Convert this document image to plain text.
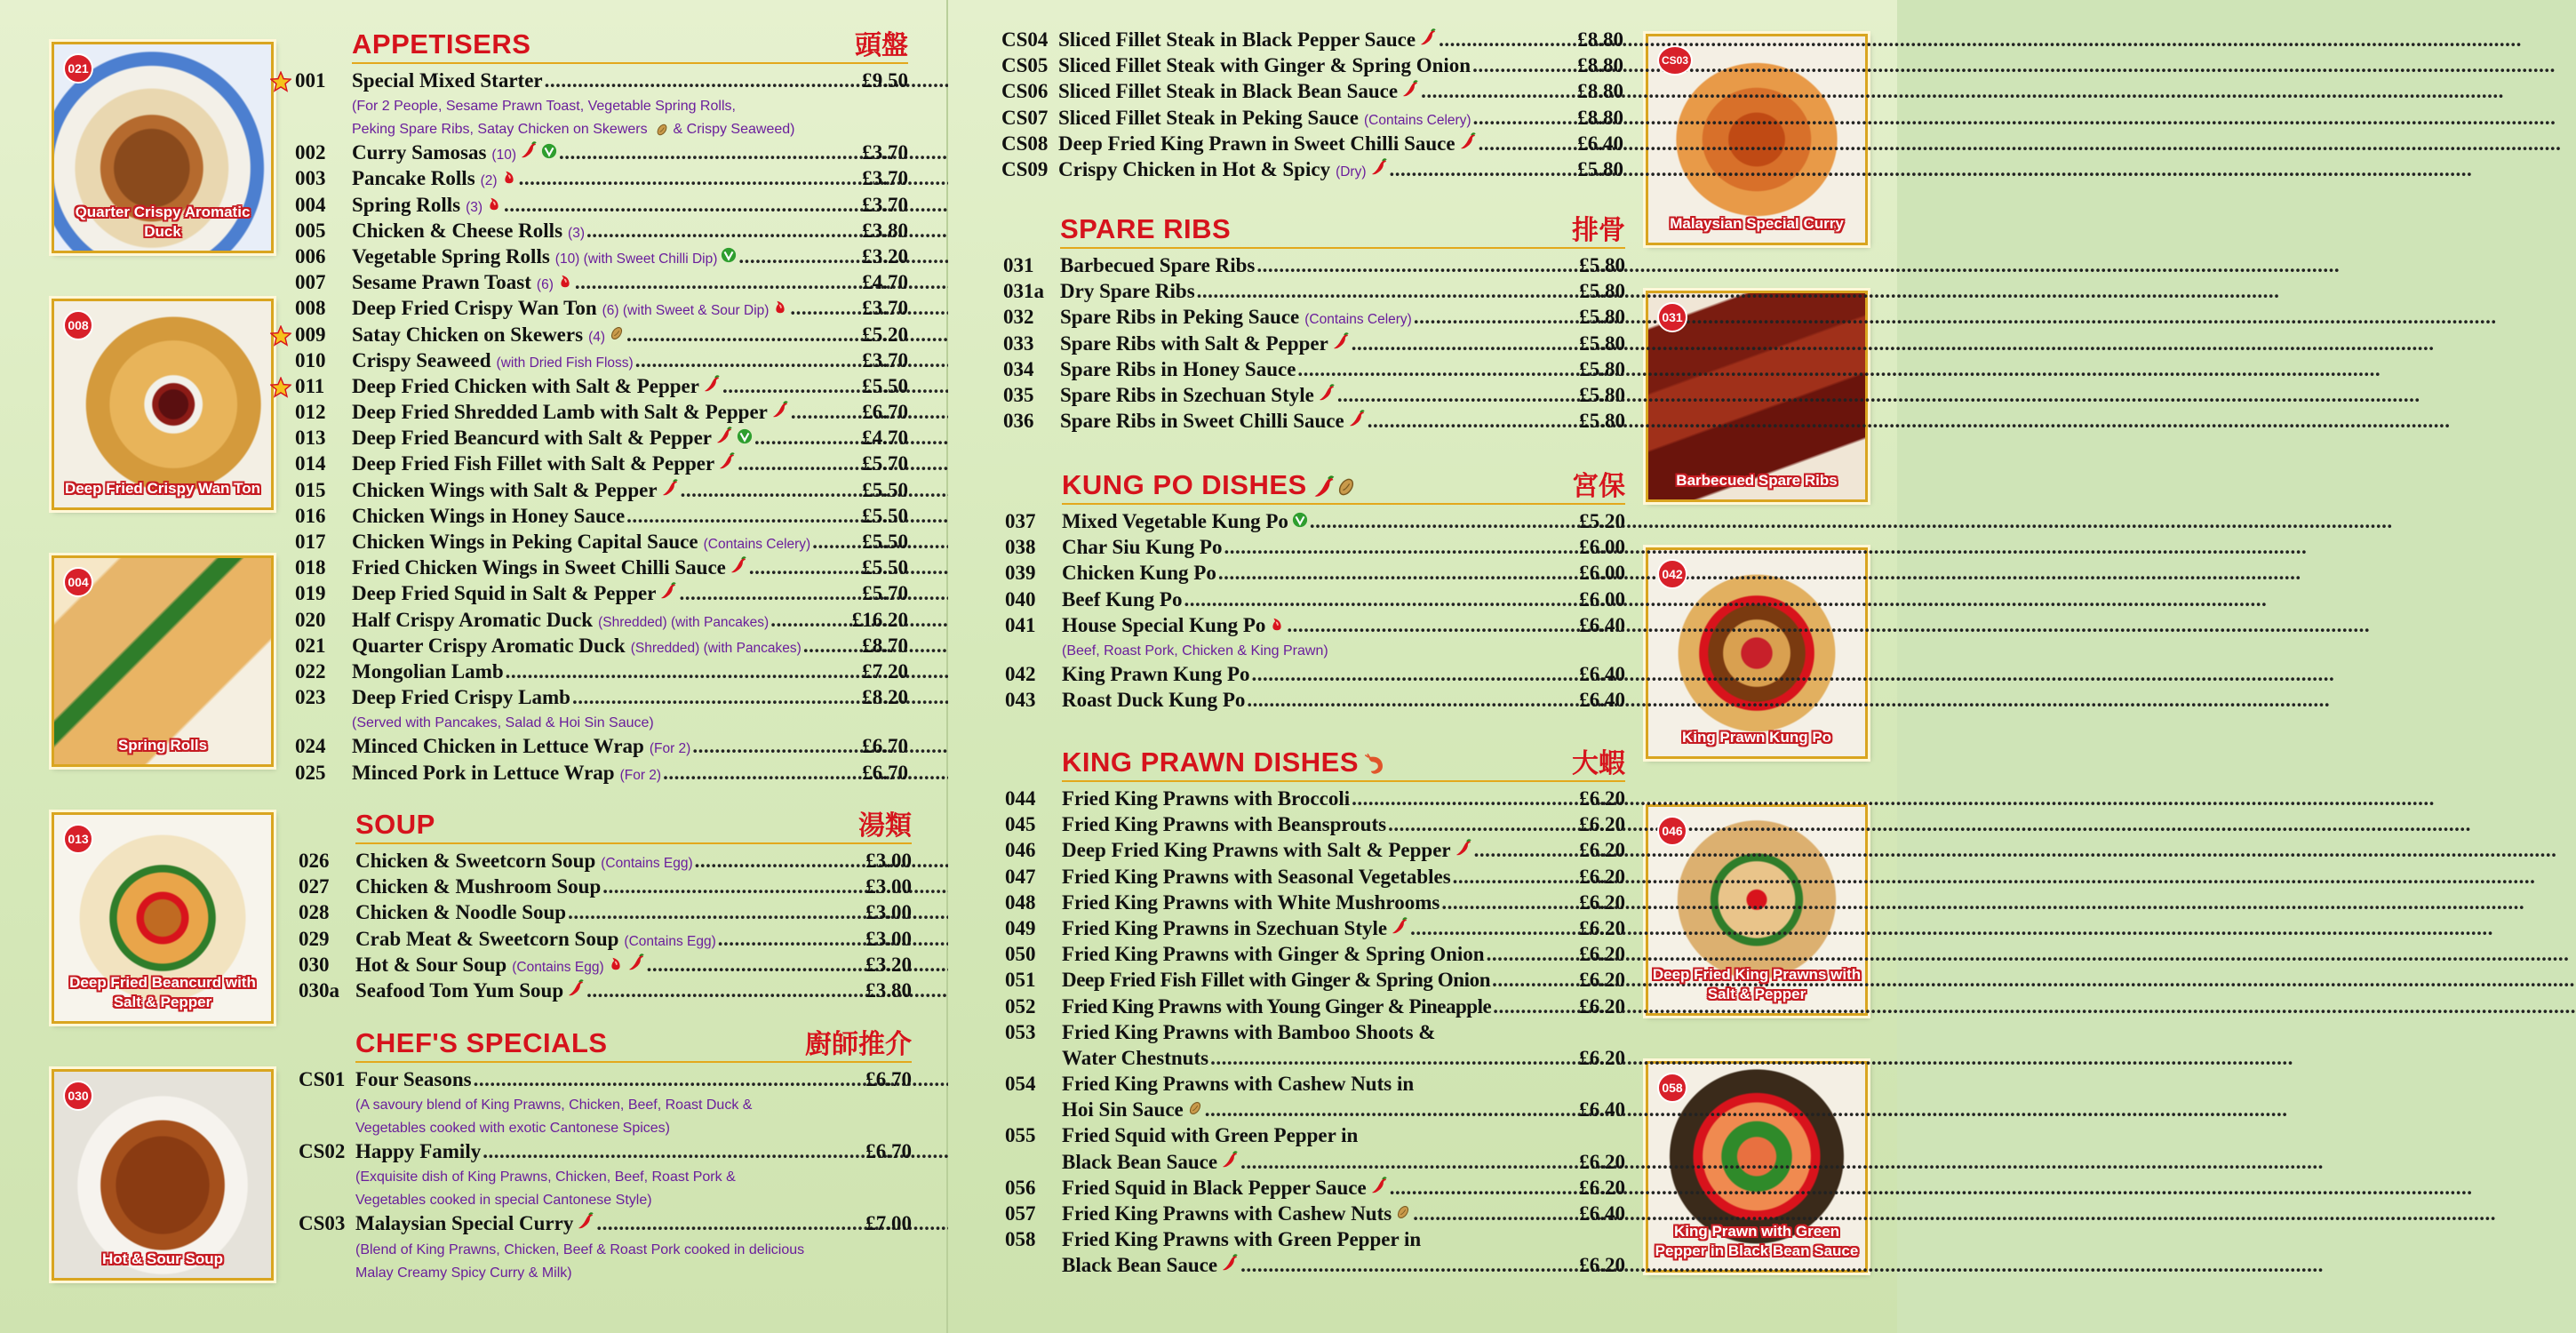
021
Quarter Crispy Aromatic Duck
008
Deep Fried Crispy Wan Ton
004
Spring Rolls
013
Deep Fried Beancurd with Salt & Pepper
030
Hot & Sour Soup
APPETISERS	頭盤
001	Special Mixed Starter .....	£9.50
(For 2 People, Sesame Prawn Toast, Vegetable Spring Rolls,
Peking Spare Ribs, Satay Chicken on Skewers & Crispy Seaweed)
002	Curry Samosas (10) .....	£3.70
003	Pancake Rolls (2) .....	£3.70
004	Spring Rolls (3) .....	£3.70
005	Chicken & Cheese Rolls (3) .....	£3.80
006	Vegetable Spring Rolls (10) (with Sweet Chilli Dip) .....	£3.20
007	Sesame Prawn Toast (6) .....	£4.70
008	Deep Fried Crispy Wan Ton (6) (with Sweet & Sour Dip) .....	£3.70
009	Satay Chicken on Skewers (4) .....	£5.20
010	Crispy Seaweed (with Dried Fish Floss) .....	£3.70
011	Deep Fried Chicken with Salt & Pepper .....	£5.50
012	Deep Fried Shredded Lamb with Salt & Pepper .....	£6.70
013	Deep Fried Beancurd with Salt & Pepper .....	£4.70
014	Deep Fried Fish Fillet with Salt & Pepper .....	£5.70
015	Chicken Wings with Salt & Pepper .....	£5.50
016	Chicken Wings in Honey Sauce .....	£5.50
017	Chicken Wings in Peking Capital Sauce (Contains Celery) .....	£5.50
018	Fried Chicken Wings in Sweet Chilli Sauce .....	£5.50
019	Deep Fried Squid in Salt & Pepper .....	£5.70
020	Half Crispy Aromatic Duck (Shredded) (with Pancakes) .....	£16.20
021	Quarter Crispy Aromatic Duck (Shredded) (with Pancakes) .....	£8.70
022	Mongolian Lamb .....	£7.20
023	Deep Fried Crispy Lamb .....	£8.20
(Served with Pancakes, Salad & Hoi Sin Sauce)
024	Minced Chicken in Lettuce Wrap (For 2) .....	£6.70
025	Minced Pork in Lettuce Wrap (For 2) .....	£6.70
SOUP	湯類
026	Chicken & Sweetcorn Soup (Contains Egg) .....	£3.00
027	Chicken & Mushroom Soup .....	£3.00
028	Chicken & Noodle Soup .....	£3.00
029	Crab Meat & Sweetcorn Soup (Contains Egg) .....	£3.00
030	Hot & Sour Soup (Contains Egg) .....	£3.20
030a Seafood Tom Yum Soup .....	£3.80
CHEF'S SPECIALS	廚師推介
CS01 Four Seasons .....	£6.70
(A savoury blend of King Prawns, Chicken, Beef, Roast Duck &
Vegetables cooked with exotic Cantonese Spices)
CS02 Happy Family .....	£6.70
(Exquisite dish of King Prawns, Chicken, Beef, Roast Pork &
Vegetables cooked in special Cantonese Style)
CS03 Malaysian Special Curry .....	£7.00
(Blend of King Prawns, Chicken, Beef & Roast Pork cooked in delicious
Malay Creamy Spicy Curry & Milk)
CS03
Malaysian Special Curry
031
Barbecued Spare Ribs
042
King Prawn Kung Po
046
Deep Fried King Prawns with Salt & Pepper
058
King Prawn with Green Pepper in Black Bean Sauce
CS04 Sliced Fillet Steak in Black Pepper Sauce .....	£8.80
CS05 Sliced Fillet Steak with Ginger & Spring Onion .....	£8.80
CS06 Sliced Fillet Steak in Black Bean Sauce .....	£8.80
CS07 Sliced Fillet Steak in Peking Sauce (Contains Celery) .....	£8.80
CS08 Deep Fried King Prawn in Sweet Chilli Sauce .....	£6.40
CS09 Crispy Chicken in Hot & Spicy (Dry) .....	£5.80
SPARE RIBS	排骨
031	Barbecued Spare Ribs .....	£5.80
031a Dry Spare Ribs .....	£5.80
032	Spare Ribs in Peking Sauce (Contains Celery) .....	£5.80
033	Spare Ribs with Salt & Pepper .....	£5.80
034	Spare Ribs in Honey Sauce .....	£5.80
035	Spare Ribs in Szechuan Style .....	£5.80
036	Spare Ribs in Sweet Chilli Sauce .....	£5.80
KUNG PO DISHES	宮保
037	Mixed Vegetable Kung Po .....	£5.20
038	Char Siu Kung Po .....	£6.00
039	Chicken Kung Po .....	£6.00
040	Beef Kung Po .....	£6.00
041	House Special Kung Po .....	£6.40
(Beef, Roast Pork, Chicken & King Prawn)
042	King Prawn Kung Po .....	£6.40
043	Roast Duck Kung Po .....	£6.40
KING PRAWN DISHES	大蝦
044	Fried King Prawns with Broccoli .....	£6.20
045	Fried King Prawns with Beansprouts .....	£6.20
046	Deep Fried King Prawns with Salt & Pepper .....	£6.20
047	Fried King Prawns with Seasonal Vegetables .....	£6.20
048	Fried King Prawns with White Mushrooms .....	£6.20
049	Fried King Prawns in Szechuan Style .....	£6.20
050	Fried King Prawns with Ginger & Spring Onion .....	£6.20
051	Deep Fried Fish Fillet with Ginger & Spring Onion .....	£6.20
052	Fried King Prawns with Young Ginger & Pineapple .....	£6.20
053	Fried King Prawns with Bamboo Shoots &
Water Chestnuts .....	£6.20
054	Fried King Prawns with Cashew Nuts in
Hoi Sin Sauce .....	£6.40
055	Fried Squid with Green Pepper in
Black Bean Sauce .....	£6.20
056	Fried Squid in Black Pepper Sauce .....	£6.20
057	Fried King Prawns with Cashew Nuts .....	£6.40
058	Fried King Prawns with Green Pepper in
Black Bean Sauce .....	£6.20
